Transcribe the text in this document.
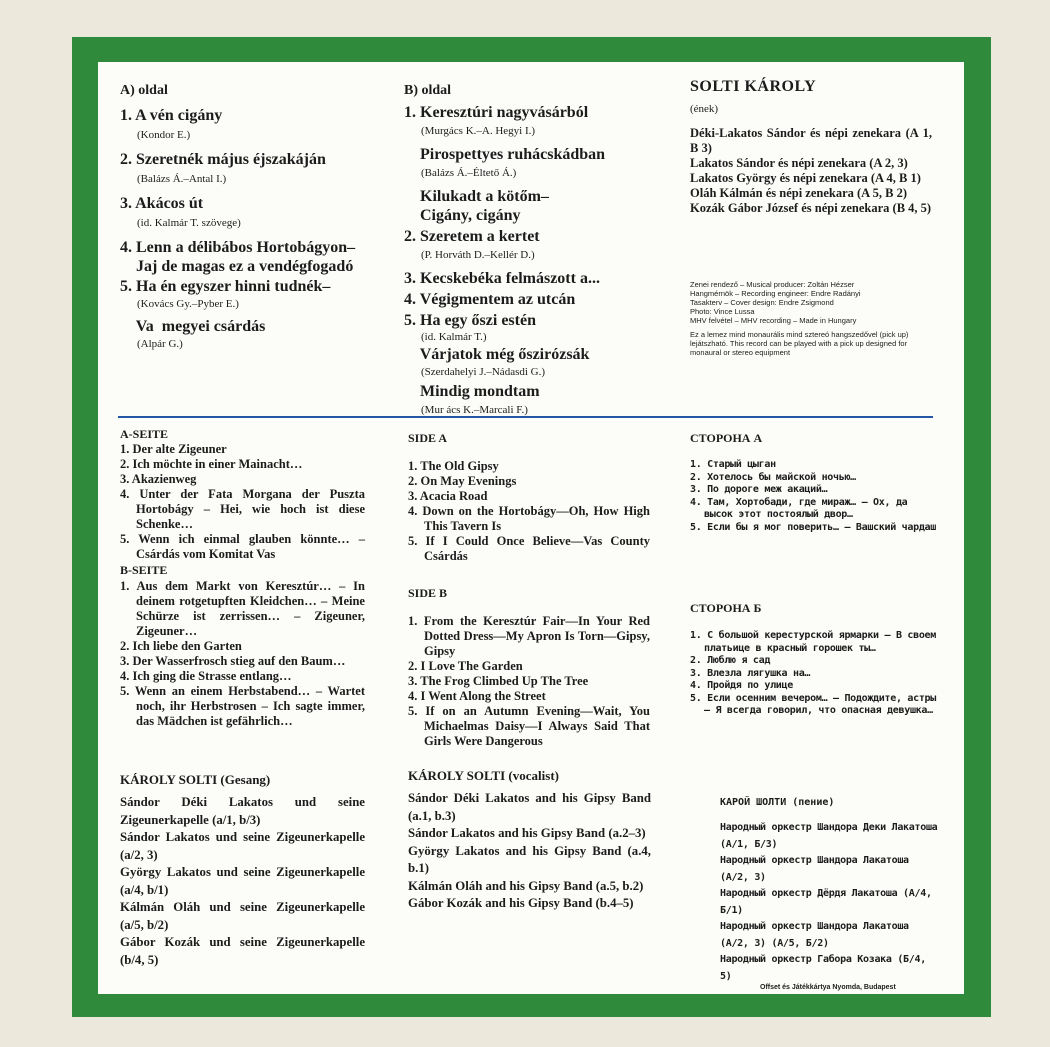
A) oldal
1. A vén cigány
(Kondor E.)
2. Szeretnék május éjszakáján
(Balázs Á.–Antal I.)
3. Akácos út
(id. Kalmár T. szövege)
4. Lenn a délibábos Hortobágyon–
Jaj de magas ez a vendégfogadó
5. Ha én egyszer hinni tudnék–
(Kovács Gy.–Pyber E.)
Va  megyei csárdás
(Alpár G.)
B) oldal
1. Keresztúri nagyvásárból
(Murgács K.–A. Hegyi I.)
Pirospettyes ruhácskádban
(Balázs Á.–Éltető Á.)
Kilukadt a kötőm–
Cigány, cigány
2. Szeretem a kertet
(P. Horváth D.–Kellér D.)
3. Kecskebéka felmászott a...
4. Végigmentem az utcán
5. Ha egy őszi estén
(id. Kalmár T.)
Várjatok még őszirózsák
(Szerdahelyi J.–Nádasdi G.)
Mindig mondtam
(Mur ács K.–Marcali F.)
SOLTI KÁROLY
(ének)
Déki-Lakatos Sándor és népi zenekara (A 1, B 3)
Lakatos Sándor és népi zenekara (A 2, 3)
Lakatos György és népi zenekara (A 4, B 1)
Oláh Kálmán és népi zenekara (A 5, B 2)
Kozák Gábor József és népi zenekara (B 4, 5)
Zenei rendező – Musical producer: Zoltán Hézser
Hangmérnök – Recording engineer: Endre Radányi
Tasakterv – Cover design: Endre Zsigmond
Photo: Vince Lussa
MHV felvétel – MHV recording – Made in Hungary
Ez a lemez mind monaurális mind sztereó hangszedővel (pick up) lejátszható. This record can be played with a pick up designed for monaural or stereo equipment
A-SEITE

1. Der alte Zigeuner

2. Ich möchte in einer Mainacht…

3. Akazienweg

4. Unter der Fata Morgana der Puszta Hortobágy – Hei, wie hoch ist diese Schenke…

5. Wenn ich einmal glauben könnte… – Csárdás vom Komitat Vas

B-SEITE

1. Aus dem Markt von Keresztúr… – In deinem rotgetupften Kleidchen… – Meine Schürze ist zerrissen… – Zigeuner, Zigeuner…

2. Ich liebe den Garten

3. Der Wasserfrosch stieg auf den Baum…

4. Ich ging die Strasse entlang…

5. Wenn an einem Herbstabend… – Wartet noch, ihr Herbstrosen – Ich sagte immer, das Mädchen ist gefährlich…

KÁROLY SOLTI (Gesang)

Sándor Déki Lakatos und seine Zigeunerkapelle (a/1, b/3)

Sándor Lakatos und seine Zigeunerkapelle (a/2, 3)

György Lakatos und seine Zigeunerkapelle (a/4, b/1)

Kálmán Oláh und seine Zigeunerkapelle (a/5, b/2)

Gábor Kozák und seine Zigeunerkapelle (b/4, 5)

SIDE A

1. The Old Gipsy

2. On May Evenings

3. Acacia Road

4. Down on the Hortobágy—Oh, How High This Tavern Is

5. If I Could Once Believe—Vas County Csárdás

SIDE B

1. From the Keresztúr Fair—In Your Red Dotted Dress—My Apron Is Torn—Gipsy, Gipsy

2. I Love The Garden

3. The Frog Climbed Up The Tree

4. I Went Along the Street

5. If on an Autumn Evening—Wait, You Michaelmas Daisy—I Always Said That Girls Were Dangerous

KÁROLY SOLTI (vocalist)

Sándor Déki Lakatos and his Gipsy Band (a.1, b.3)

Sándor Lakatos and his Gipsy Band (a.2–3)

György Lakatos and his Gipsy Band (a.4, b.1)

Kálmán Oláh and his Gipsy Band (a.5, b.2)

Gábor Kozák and his Gipsy Band (b.4–5)

СТОРОНА А

1. Старый цыган

2. Хотелось бы майской ночью…

3. По дороге меж акаций…

4. Там, Хортобади, где мираж… — Ох, да высок этот постоялый двор…

5. Если бы я мог поверить… — Вашский чардаш

СТОРОНА Б

1. С большой керестурской ярмарки — В своем платьице в красный горошек ты…

2. Люблю я сад

3. Влезла лягушка на…

4. Пройдя по улице

5. Если осенним вечером… — Подождите, астры — Я всегда говорил, что опасная девушка…

КАРОЙ ШОЛТИ (пение)

Народный оркестр Шандора Деки Лакатоша (А/1, Б/3)

Народный оркестр Шандора Лакатоша (А/2, 3)

Народный оркестр Дёрдя Лакатоша (А/4, Б/1)

Народный оркестр Шандора Лакатоша (А/2, 3) (А/5, Б/2)

Народный оркестр Габора Козака (Б/4, 5)

Offset és Játékkártya Nyomda, Budapest
